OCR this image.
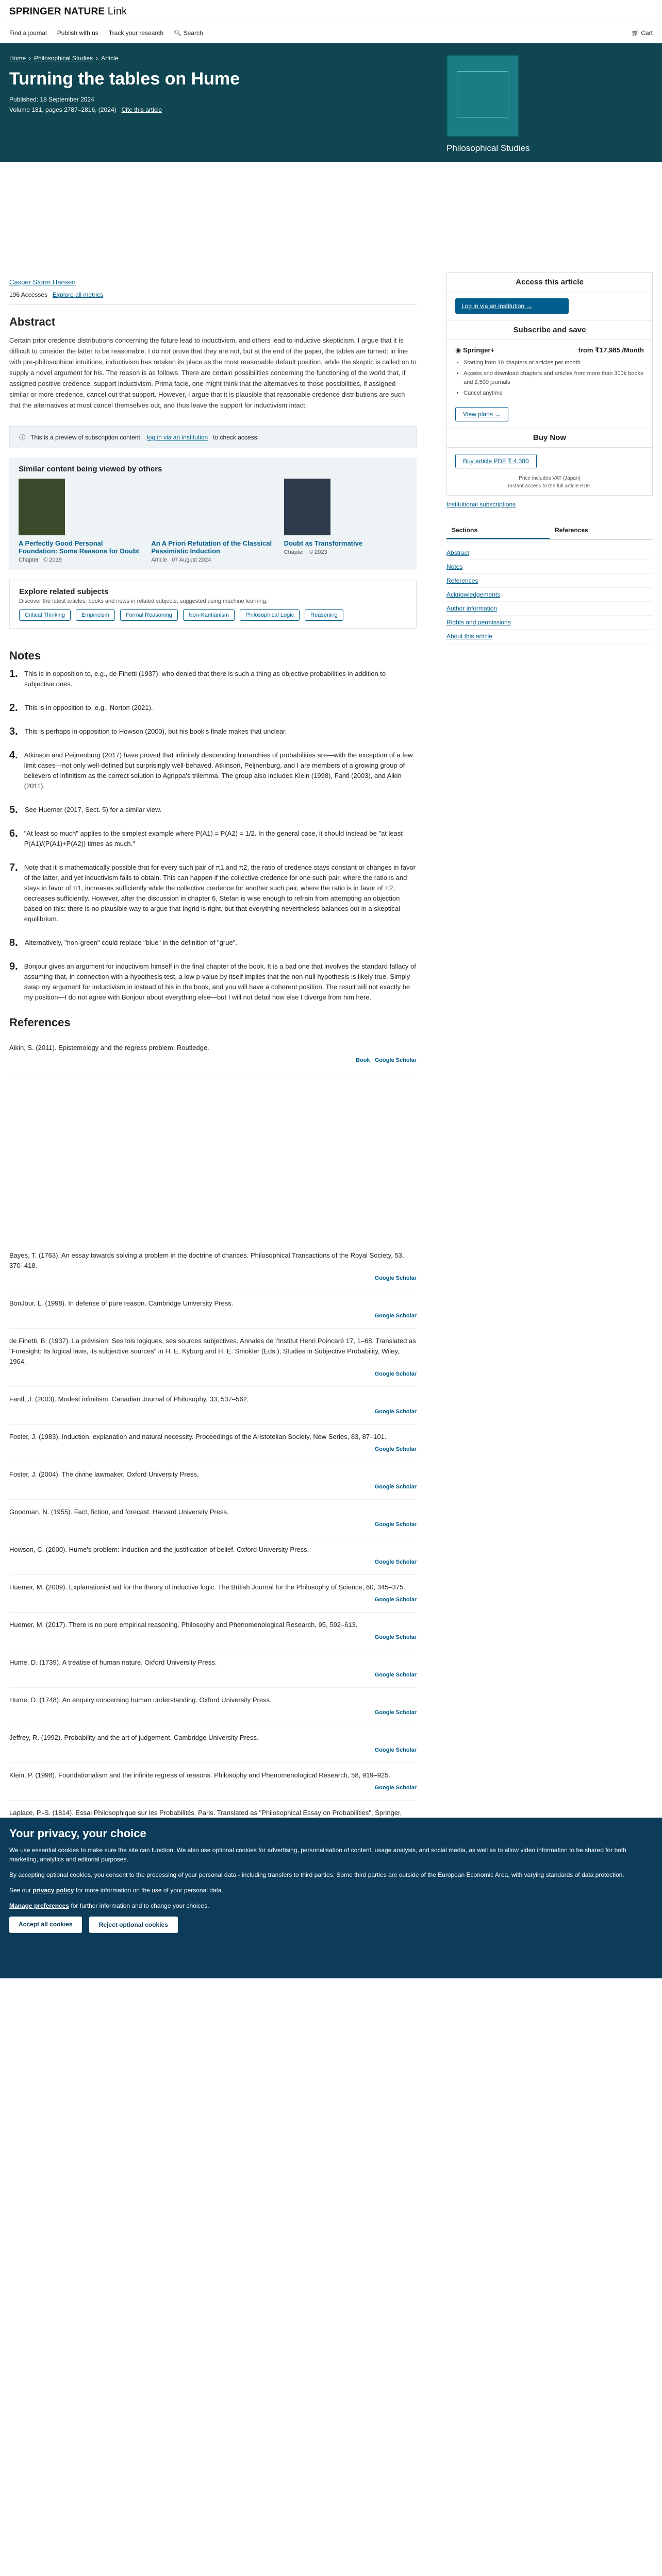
SPRINGER NATURE Link
Find a journal Publish with us Track your research 🔍︎ Search	🛒︎ Cart
Home › Philosophical Studies › Article
Turning the tables on Hume
Published: 18 September 2024
Volume 181, pages 2787–2816, (2024) Cite this article
Philosophical Studies
Aims and scope
Submit manuscript
Casper Storm Hansen
196 Accesses Explore all metrics
Abstract

Certain prior credence distributions concerning the future lead to inductivism, and others lead to inductive skepticism. I argue that it is difficult to consider the latter to be reasonable. I do not prove that they are not, but at the end of the paper, the tables are turned: in line with pre-philosophical intuitions, inductivism has retaken its place as the most reasonable default position, while the skeptic is called on to supply a novel argument for his. The reason is as follows. There are certain possibilities concerning the functioning of the world that, if assigned positive credence, support inductivism. Prima facie, one might think that the alternatives to those possibilities, if assigned similar or more credence, cancel out that support. However, I argue that it is plausible that reasonable credence distributions are such that the alternatives at most cancel themselves out, and thus leave the support for inductivism intact.

ⓘ This is a preview of subscription content, log in via an institution to check access.
Similar content being viewed by others
A Perfectly Good Personal Foundation: Some Reasons for Doubt
Chapter © 2019
An A Priori Refutation of the Classical Pessimistic Induction
Article 07 August 2024
Doubt as Transformative
Chapter © 2023
Explore related subjects

Discover the latest articles, books and news in related subjects, suggested using machine learning.

Critical Thinking	Empiricism	Formal Reasoning	Non-Kantianism	Philosophical Logic	Reasoning
Notes
1. This is in opposition to, e.g., de Finetti (1937), who denied that there is such a thing as objective probabilities in addition to subjective ones.
2. This is in opposition to, e.g., Norton (2021).
3. This is perhaps in opposition to Howson (2000), but his book's finale makes that unclear.
4. Atkinson and Peijnenburg (2017) have proved that infinitely descending hierarchies of probabilities are—with the exception of a few limit cases—not only well-defined but surprisingly well-behaved. Atkinson, Peijnenburg, and I are members of a growing group of believers of infinitism as the correct solution to Agrippa's trilemma. The group also includes Klein (1998), Fantl (2003), and Aikin (2011).
5. See Huemer (2017, Sect. 5) for a similar view.
6. "At least so much" applies to the simplest example where P(A1) = P(A2) = 1/2. In the general case, it should instead be "at least P(A1)/(P(A1)+P(A2)) times as much."
7. Note that it is mathematically possible that for every such pair of π1 and π2, the ratio of credence stays constant or changes in favor of the latter, and yet inductivism fails to obtain. This can happen if the collective credence for one such pair, where the ratio is and stays in favor of π1, increases sufficiently while the collective credence for another such pair, where the ratio is in favor of π2, decreases sufficiently. However, after the discussion in chapter 6, Stefan is wise enough to refrain from attempting an objection based on this: there is no plausible way to argue that Ingrid is right, but that everything nevertheless balances out in a skeptical equilibrium.
8. Alternatively, "non-green" could replace "blue" in the definition of "grue".
9. Bonjour gives an argument for inductivism himself in the final chapter of the book. It is a bad one that involves the standard fallacy of assuming that, in connection with a hypothesis test, a low p-value by itself implies that the non-null hypothesis is likely true. Simply swap my argument for inductivism in instead of his in the book, and you will have a coherent position. The result will not exactly be my position—I do not agree with Bonjour about everything else—but I will not detail how else I diverge from him here.
References
Aikin, S. (2011). Epistemology and the regress problem. Routledge.
Book Google Scholar
Bayes, T. (1763). An essay towards solving a problem in the doctrine of chances. Philosophical Transactions of the Royal Society, 53, 370–418.
Google Scholar
BonJour, L. (1998). In defense of pure reason. Cambridge University Press.
Google Scholar
de Finetti, B. (1937). La prévision: Ses lois logiques, ses sources subjectives. Annales de l'Institut Henri Poincaré 17, 1–68. Translated as "Foresight: Its logical laws, its subjective sources" in H. E. Kyburg and H. E. Smokler (Eds.), Studies in Subjective Probability, Wiley, 1964.
Google Scholar
Fantl, J. (2003). Modest infinitism. Canadian Journal of Philosophy, 33, 537–562.
Google Scholar
Foster, J. (1983). Induction, explanation and natural necessity. Proceedings of the Aristotelian Society, New Series, 83, 87–101.
Google Scholar
Foster, J. (2004). The divine lawmaker. Oxford University Press.
Google Scholar
Goodman, N. (1955). Fact, fiction, and forecast. Harvard University Press.
Google Scholar
Howson, C. (2000). Hume's problem: Induction and the justification of belief. Oxford University Press.
Google Scholar
Huemer, M. (2009). Explanationist aid for the theory of inductive logic. The British Journal for the Philosophy of Science, 60, 345–375.
Google Scholar
Huemer, M. (2017). There is no pure empirical reasoning. Philosophy and Phenomenological Research, 95, 592–613.
Google Scholar
Hume, D. (1739). A treatise of human nature. Oxford University Press.
Google Scholar
Hume, D. (1748). An enquiry concerning human understanding. Oxford University Press.
Google Scholar
Jeffrey, R. (1992). Probability and the art of judgement. Cambridge University Press.
Google Scholar
Klein, P. (1998). Foundationalism and the infinite regress of reasons. Philosophy and Phenomenological Research, 58, 919–925.
Google Scholar
Laplace, P.-S. (1814). Essai Philosophique sur les Probabilités. Paris. Translated as "Philosophical Essay on Probabilities", Springer,
Access this article
Log in via an institution →
Subscribe and save
◉ Springer+	from ₹17,985 /Month
• Starting from 10 chapters or articles per month
• Access and download chapters and articles from more than 300k books and 2,500 journals
• Cancel anytime
View plans →
Buy Now
Buy article PDF ₹ 4,380
Price includes VAT (Japan)
Instant access to the full article PDF.
Institutional subscriptions
Sections	References
Abstract
Notes
References
Acknowledgements
Author information
Rights and permissions
About this article
Your privacy, your choice

We use essential cookies to make sure the site can function. We also use optional cookies for advertising, personalisation of content, usage analysis, and social media, as well as to allow video information to be shared for both marketing, analytics and editorial purposes.

By accepting optional cookies, you consent to the processing of your personal data - including transfers to third parties. Some third parties are outside of the European Economic Area, with varying standards of data protection.

See our privacy policy for more information on the use of your personal data.

Manage preferences for further information and to change your choices.

Accept all cookies	Reject optional cookies
